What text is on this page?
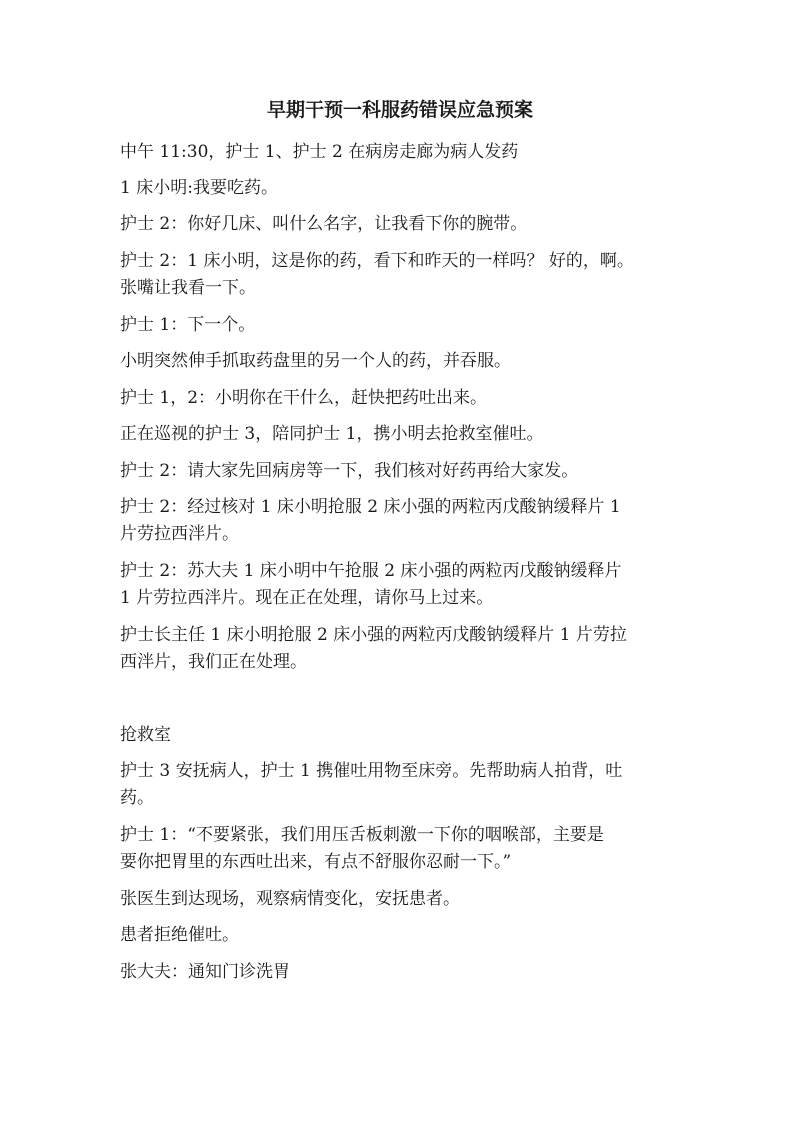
早期干预一科服药错误应急预案
中午 11:30，护士 1、护士 2 在病房走廊为病人发药
1 床小明:我要吃药。
护士 2：你好几床、叫什么名字，让我看下你的腕带。
护士 2：1 床小明，这是你的药，看下和昨天的一样吗？ 好的，啊。
张嘴让我看一下。
护士 1：下一个。
小明突然伸手抓取药盘里的另一个人的药，并吞服。
护士 1，2：小明你在干什么，赶快把药吐出来。
正在巡视的护士 3，陪同护士 1，携小明去抢救室催吐。
护士 2：请大家先回病房等一下，我们核对好药再给大家发。
护士 2：经过核对 1 床小明抢服 2 床小强的两粒丙戊酸钠缓释片 1
片劳拉西泮片。
护士 2：苏大夫 1 床小明中午抢服 2 床小强的两粒丙戊酸钠缓释片
1 片劳拉西泮片。现在正在处理，请你马上过来。
护士长主任 1 床小明抢服 2 床小强的两粒丙戊酸钠缓释片 1 片劳拉
西泮片，我们正在处理。
抢救室
护士 3 安抚病人，护士 1 携催吐用物至床旁。先帮助病人拍背，吐
药。
护士 1：“不要紧张，我们用压舌板刺激一下你的咽喉部，主要是
要你把胃里的东西吐出来，有点不舒服你忍耐一下。”
张医生到达现场，观察病情变化，安抚患者。
患者拒绝催吐。
张大夫：通知门诊洗胃
